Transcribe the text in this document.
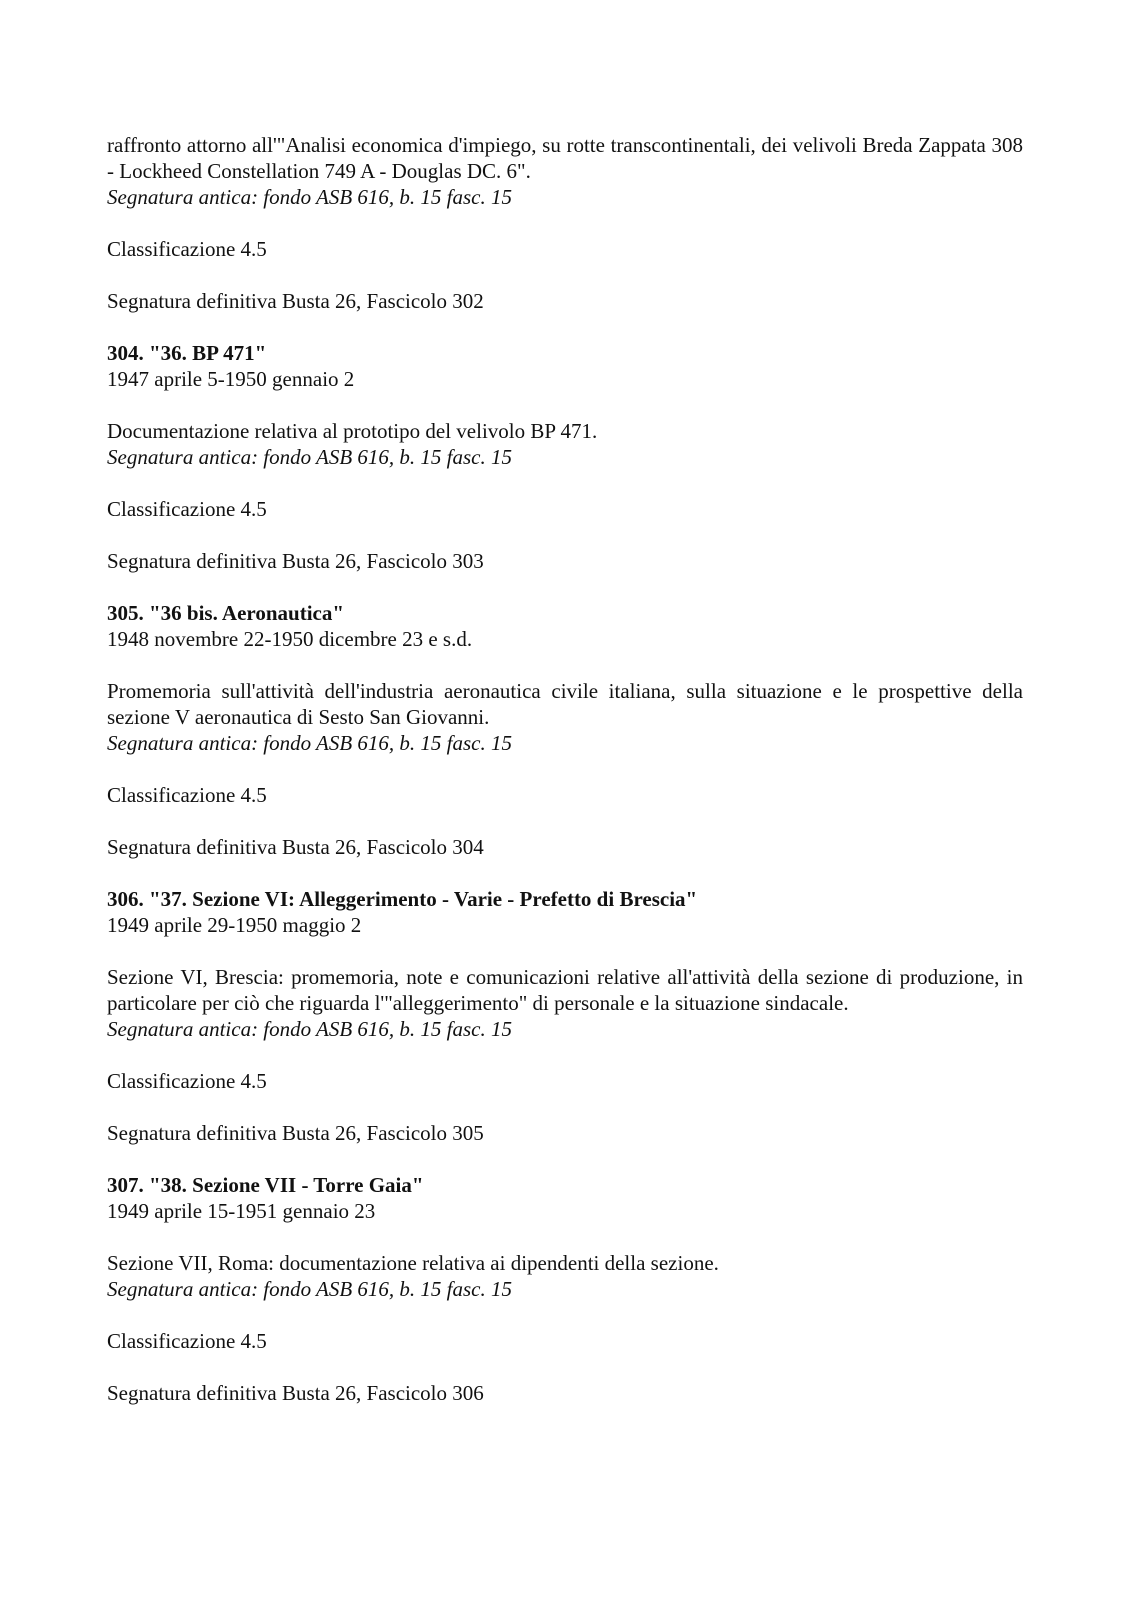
raffronto attorno all'"Analisi economica d'impiego, su rotte transcontinentali, dei velivoli Breda Zappata 308 - Lockheed Constellation 749 A - Douglas DC. 6".

Segnatura antica: fondo ASB 616, b. 15 fasc. 15

Classificazione 4.5

Segnatura definitiva Busta 26, Fascicolo 302

304. "36. BP 471"

1947 aprile 5-1950 gennaio 2

Documentazione relativa al prototipo del velivolo BP 471.

Segnatura antica: fondo ASB 616, b. 15 fasc. 15

Classificazione 4.5

Segnatura definitiva Busta 26, Fascicolo 303

305. "36 bis. Aeronautica"

1948 novembre 22-1950 dicembre 23 e s.d.

Promemoria sull'attività dell'industria aeronautica civile italiana, sulla situazione e le prospettive della sezione V aeronautica di Sesto San Giovanni.

Segnatura antica: fondo ASB 616, b. 15 fasc. 15

Classificazione 4.5

Segnatura definitiva Busta 26, Fascicolo 304

306. "37. Sezione VI: Alleggerimento - Varie - Prefetto di Brescia"

1949 aprile 29-1950 maggio 2

Sezione VI, Brescia: promemoria, note e comunicazioni relative all'attività della sezione di produzione, in particolare per ciò che riguarda l'"alleggerimento" di personale e la situazione sindacale.

Segnatura antica: fondo ASB 616, b. 15 fasc. 15

Classificazione 4.5

Segnatura definitiva Busta 26, Fascicolo 305

307. "38. Sezione VII - Torre Gaia"

1949 aprile 15-1951 gennaio 23

Sezione VII, Roma: documentazione relativa ai dipendenti della sezione.

Segnatura antica: fondo ASB 616, b. 15 fasc. 15

Classificazione 4.5

Segnatura definitiva Busta 26, Fascicolo 306
